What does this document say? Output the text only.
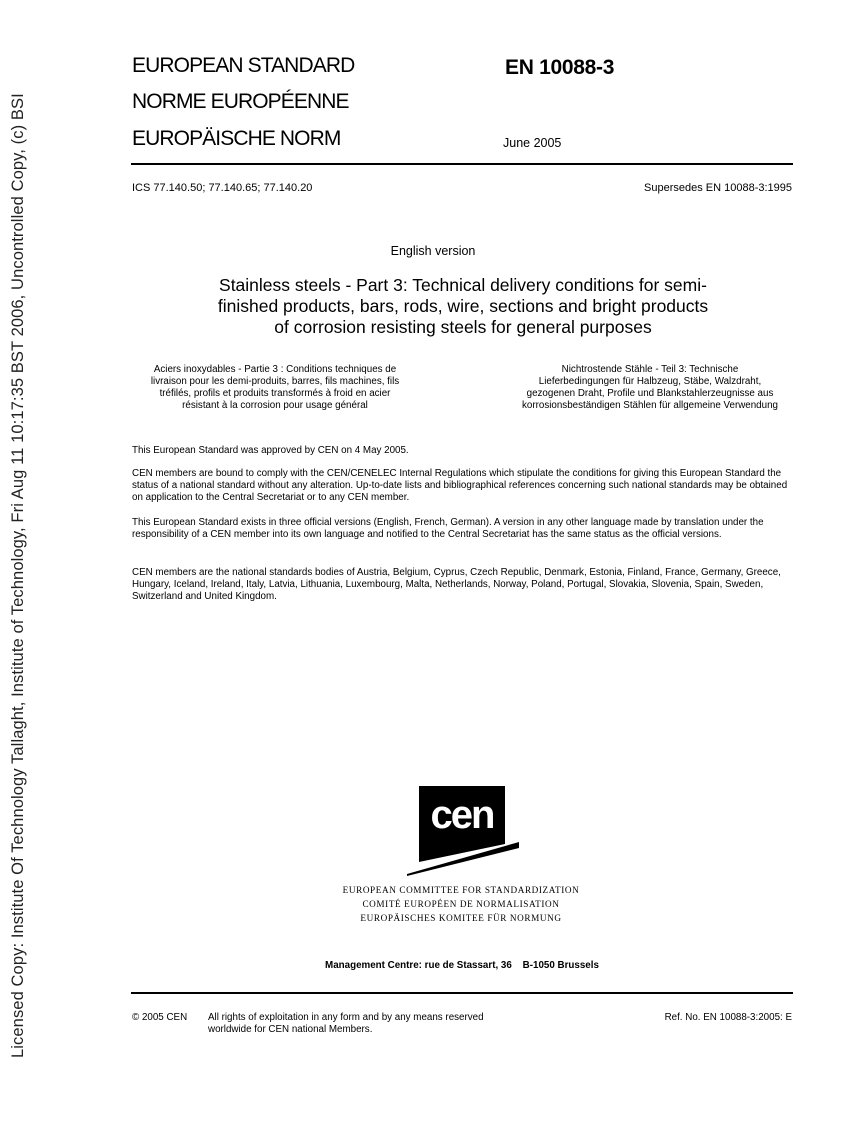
Licensed Copy: Institute Of Technology Tallaght, Institute of Technology, Fri Aug 11 10:17:35 BST 2006, Uncontrolled Copy, (c) BSI
EUROPEAN STANDARD
NORME EUROPÉENNE
EUROPÄISCHE NORM
EN 10088-3
June 2005
ICS 77.140.50; 77.140.65; 77.140.20	Supersedes EN 10088-3:1995
English version
Stainless steels - Part 3: Technical delivery conditions for semi-
finished products, bars, rods, wire, sections and bright products
of corrosion resisting steels for general purposes
Aciers inoxydables - Partie 3 : Conditions techniques de
livraison pour les demi-produits, barres, fils machines, fils
tréfilés, profils et produits transformés à froid en acier
résistant à la corrosion pour usage général
Nichtrostende Stähle - Teil 3: Technische
Lieferbedingungen für Halbzeug, Stäbe, Walzdraht,
gezogenen Draht, Profile und Blankstahlerzeugnisse aus
korrosionsbeständigen Stählen für allgemeine Verwendung
This European Standard was approved by CEN on 4 May 2005.
CEN members are bound to comply with the CEN/CENELEC Internal Regulations which stipulate the conditions for giving this European Standard the status of a national standard without any alteration. Up-to-date lists and bibliographical references concerning such national standards may be obtained on application to the Central Secretariat or to any CEN member.
This European Standard exists in three official versions (English, French, German). A version in any other language made by translation under the responsibility of a CEN member into its own language and notified to the Central Secretariat has the same status as the official versions.
CEN members are the national standards bodies of Austria, Belgium, Cyprus, Czech Republic, Denmark, Estonia, Finland, France, Germany, Greece, Hungary, Iceland, Ireland, Italy, Latvia, Lithuania, Luxembourg, Malta, Netherlands, Norway, Poland, Portugal, Slovakia, Slovenia, Spain, Sweden, Switzerland and United Kingdom.
cen
EUROPEAN COMMITTEE FOR STANDARDIZATION
COMITÉ EUROPÉEN DE NORMALISATION
EUROPÄISCHES KOMITEE FÜR NORMUNG
Management Centre: rue de Stassart, 36    B-1050 Brussels
© 2005 CEN All rights of exploitation in any form and by any means reserved
worldwide for CEN national Members.
Ref. No. EN 10088-3:2005: E
